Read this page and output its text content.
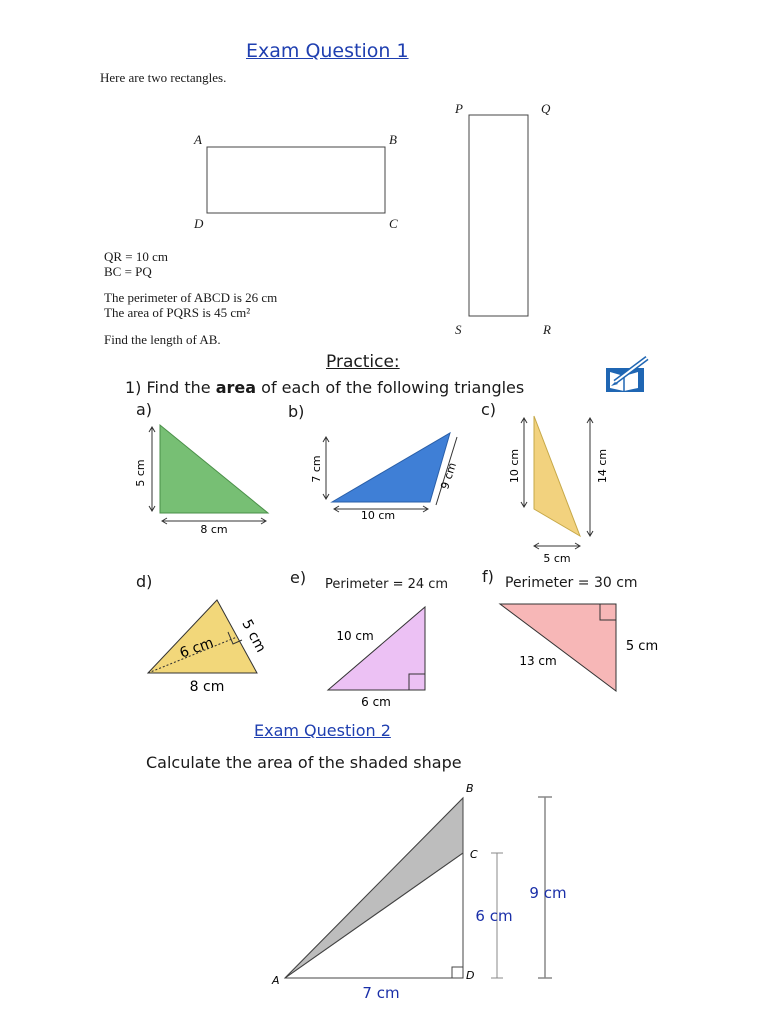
Exam Question 1
Here are two rectangles.
A	B
C
D
P	Q
R
S
QR = 10 cm
BC = PQ
The perimeter of ABCD is 26 cm
The area of PQRS is 45 cm²
Find the length of AB.
Practice:
1) Find the area of each of the following triangles
a)	b)	c)
5 cm
8 cm
7 cm
10 cm
9 cm	10 cm	14 cm
5 cm
d)	e) Perimeter = 24 cm f) Perimeter = 30 cm
6 cm 5 cm
8 cm
10 cm
6 cm
13 cm
5 cm
Exam Question 2
Calculate the area of the shaded shape
A
B
C
D
6 cm
9 cm
7 cm
